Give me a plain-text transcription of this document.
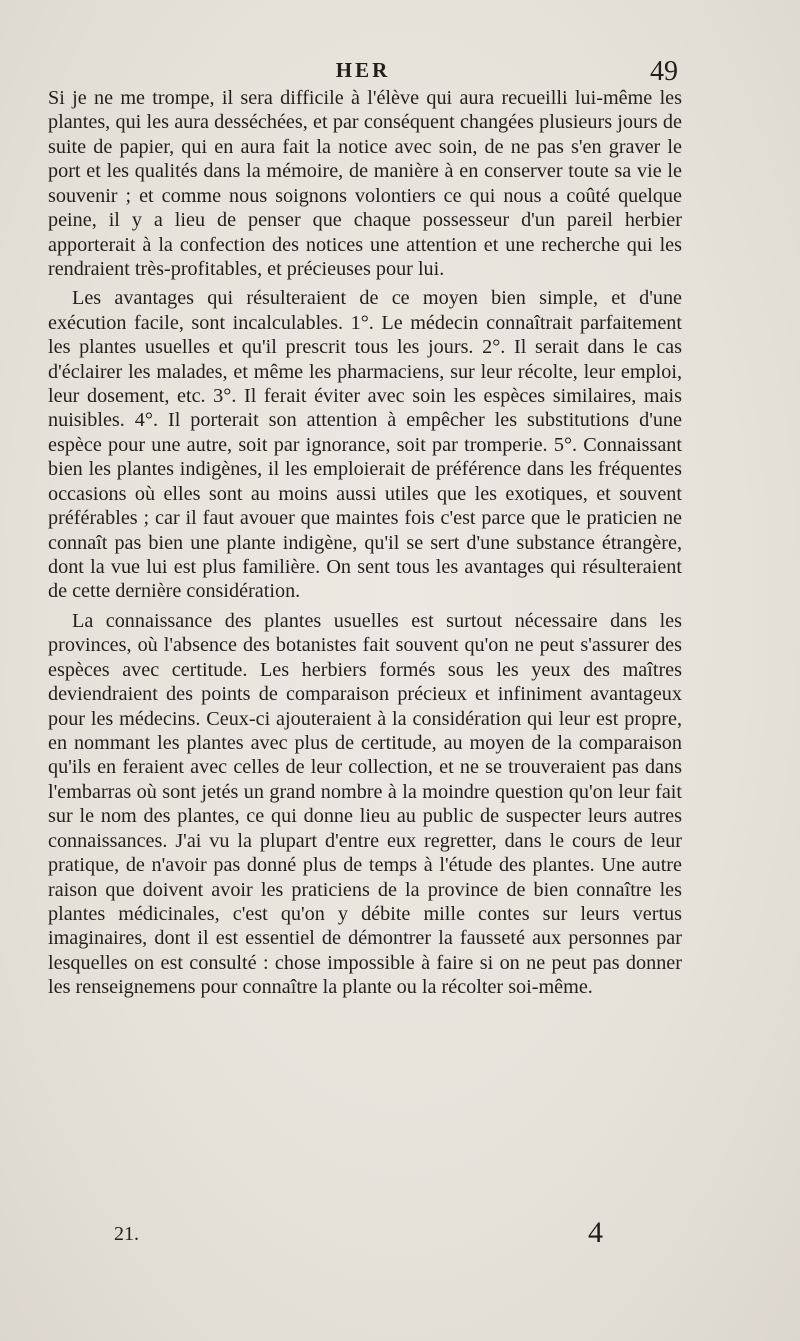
HER	49

Si je ne me trompe, il sera difficile à l'élève qui aura recueilli lui-même les plantes, qui les aura desséchées, et par conséquent changées plusieurs jours de suite de papier, qui en aura fait la notice avec soin, de ne pas s'en graver le port et les qualités dans la mémoire, de manière à en conserver toute sa vie le souvenir ; et comme nous soignons volontiers ce qui nous a coûté quelque peine, il y a lieu de penser que chaque possesseur d'un pareil herbier apporterait à la confection des notices une attention et une recherche qui les rendraient très-profitables, et précieuses pour lui.

Les avantages qui résulteraient de ce moyen bien simple, et d'une exécution facile, sont incalculables. 1°. Le médecin connaîtrait parfaitement les plantes usuelles et qu'il prescrit tous les jours. 2°. Il serait dans le cas d'éclairer les malades, et même les pharmaciens, sur leur récolte, leur emploi, leur dosement, etc. 3°. Il ferait éviter avec soin les espèces similaires, mais nuisibles. 4°. Il porterait son attention à empêcher les substitutions d'une espèce pour une autre, soit par ignorance, soit par tromperie. 5°. Connaissant bien les plantes indigènes, il les emploierait de préférence dans les fréquentes occasions où elles sont au moins aussi utiles que les exotiques, et souvent préférables ; car il faut avouer que maintes fois c'est parce que le praticien ne connaît pas bien une plante indigène, qu'il se sert d'une substance étrangère, dont la vue lui est plus familière. On sent tous les avantages qui résulteraient de cette dernière considération.

La connaissance des plantes usuelles est surtout nécessaire dans les provinces, où l'absence des botanistes fait souvent qu'on ne peut s'assurer des espèces avec certitude. Les herbiers formés sous les yeux des maîtres deviendraient des points de comparaison précieux et infiniment avantageux pour les médecins. Ceux-ci ajouteraient à la considération qui leur est propre, en nommant les plantes avec plus de certitude, au moyen de la comparaison qu'ils en feraient avec celles de leur collection, et ne se trouveraient pas dans l'embarras où sont jetés un grand nombre à la moindre question qu'on leur fait sur le nom des plantes, ce qui donne lieu au public de suspecter leurs autres connaissances. J'ai vu la plupart d'entre eux regretter, dans le cours de leur pratique, de n'avoir pas donné plus de temps à l'étude des plantes. Une autre raison que doivent avoir les praticiens de la province de bien connaître les plantes médicinales, c'est qu'on y débite mille contes sur leurs vertus imaginaires, dont il est essentiel de démontrer la fausseté aux personnes par lesquelles on est consulté : chose impossible à faire si on ne peut pas donner les renseignemens pour connaître la plante ou la récolter soi-même.

21.	4
